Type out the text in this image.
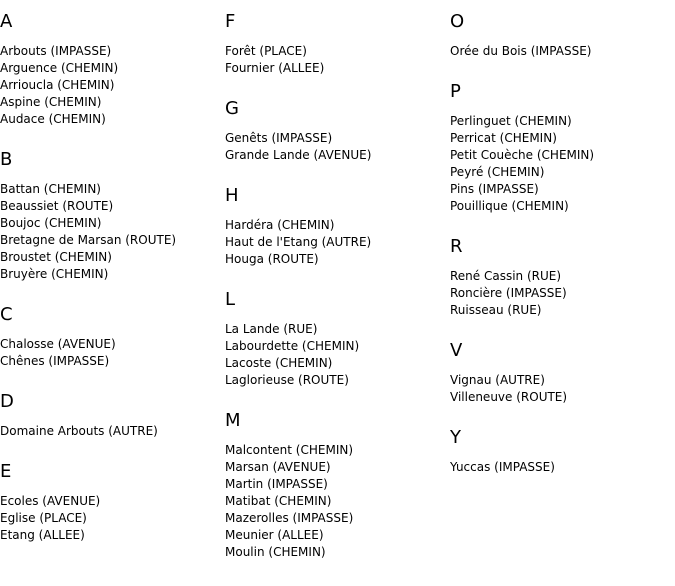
A
Arbouts (IMPASSE)
Arguence (CHEMIN)
Arrioucla (CHEMIN)
Aspine (CHEMIN)
Audace (CHEMIN)
B
Battan (CHEMIN)
Beaussiet (ROUTE)
Boujoc (CHEMIN)
Bretagne de Marsan (ROUTE)
Broustet (CHEMIN)
Bruyère (CHEMIN)
C
Chalosse (AVENUE)
Chênes (IMPASSE)
D
Domaine Arbouts (AUTRE)
E
Ecoles (AVENUE)
Eglise (PLACE)
Etang (ALLEE)
F
Forêt (PLACE)
Fournier (ALLEE)
G
Genêts (IMPASSE)
Grande Lande (AVENUE)
H
Hardéra (CHEMIN)
Haut de l'Etang (AUTRE)
Houga (ROUTE)
L
La Lande (RUE)
Labourdette (CHEMIN)
Lacoste (CHEMIN)
Laglorieuse (ROUTE)
M
Malcontent (CHEMIN)
Marsan (AVENUE)
Martin (IMPASSE)
Matibat (CHEMIN)
Mazerolles (IMPASSE)
Meunier (ALLEE)
Moulin (CHEMIN)
O
Orée du Bois (IMPASSE)
P
Perlinguet (CHEMIN)
Perricat (CHEMIN)
Petit Couèche (CHEMIN)
Peyré (CHEMIN)
Pins (IMPASSE)
Pouillique (CHEMIN)
R
René Cassin (RUE)
Roncière (IMPASSE)
Ruisseau (RUE)
V
Vignau (AUTRE)
Villeneuve (ROUTE)
Y
Yuccas (IMPASSE)
